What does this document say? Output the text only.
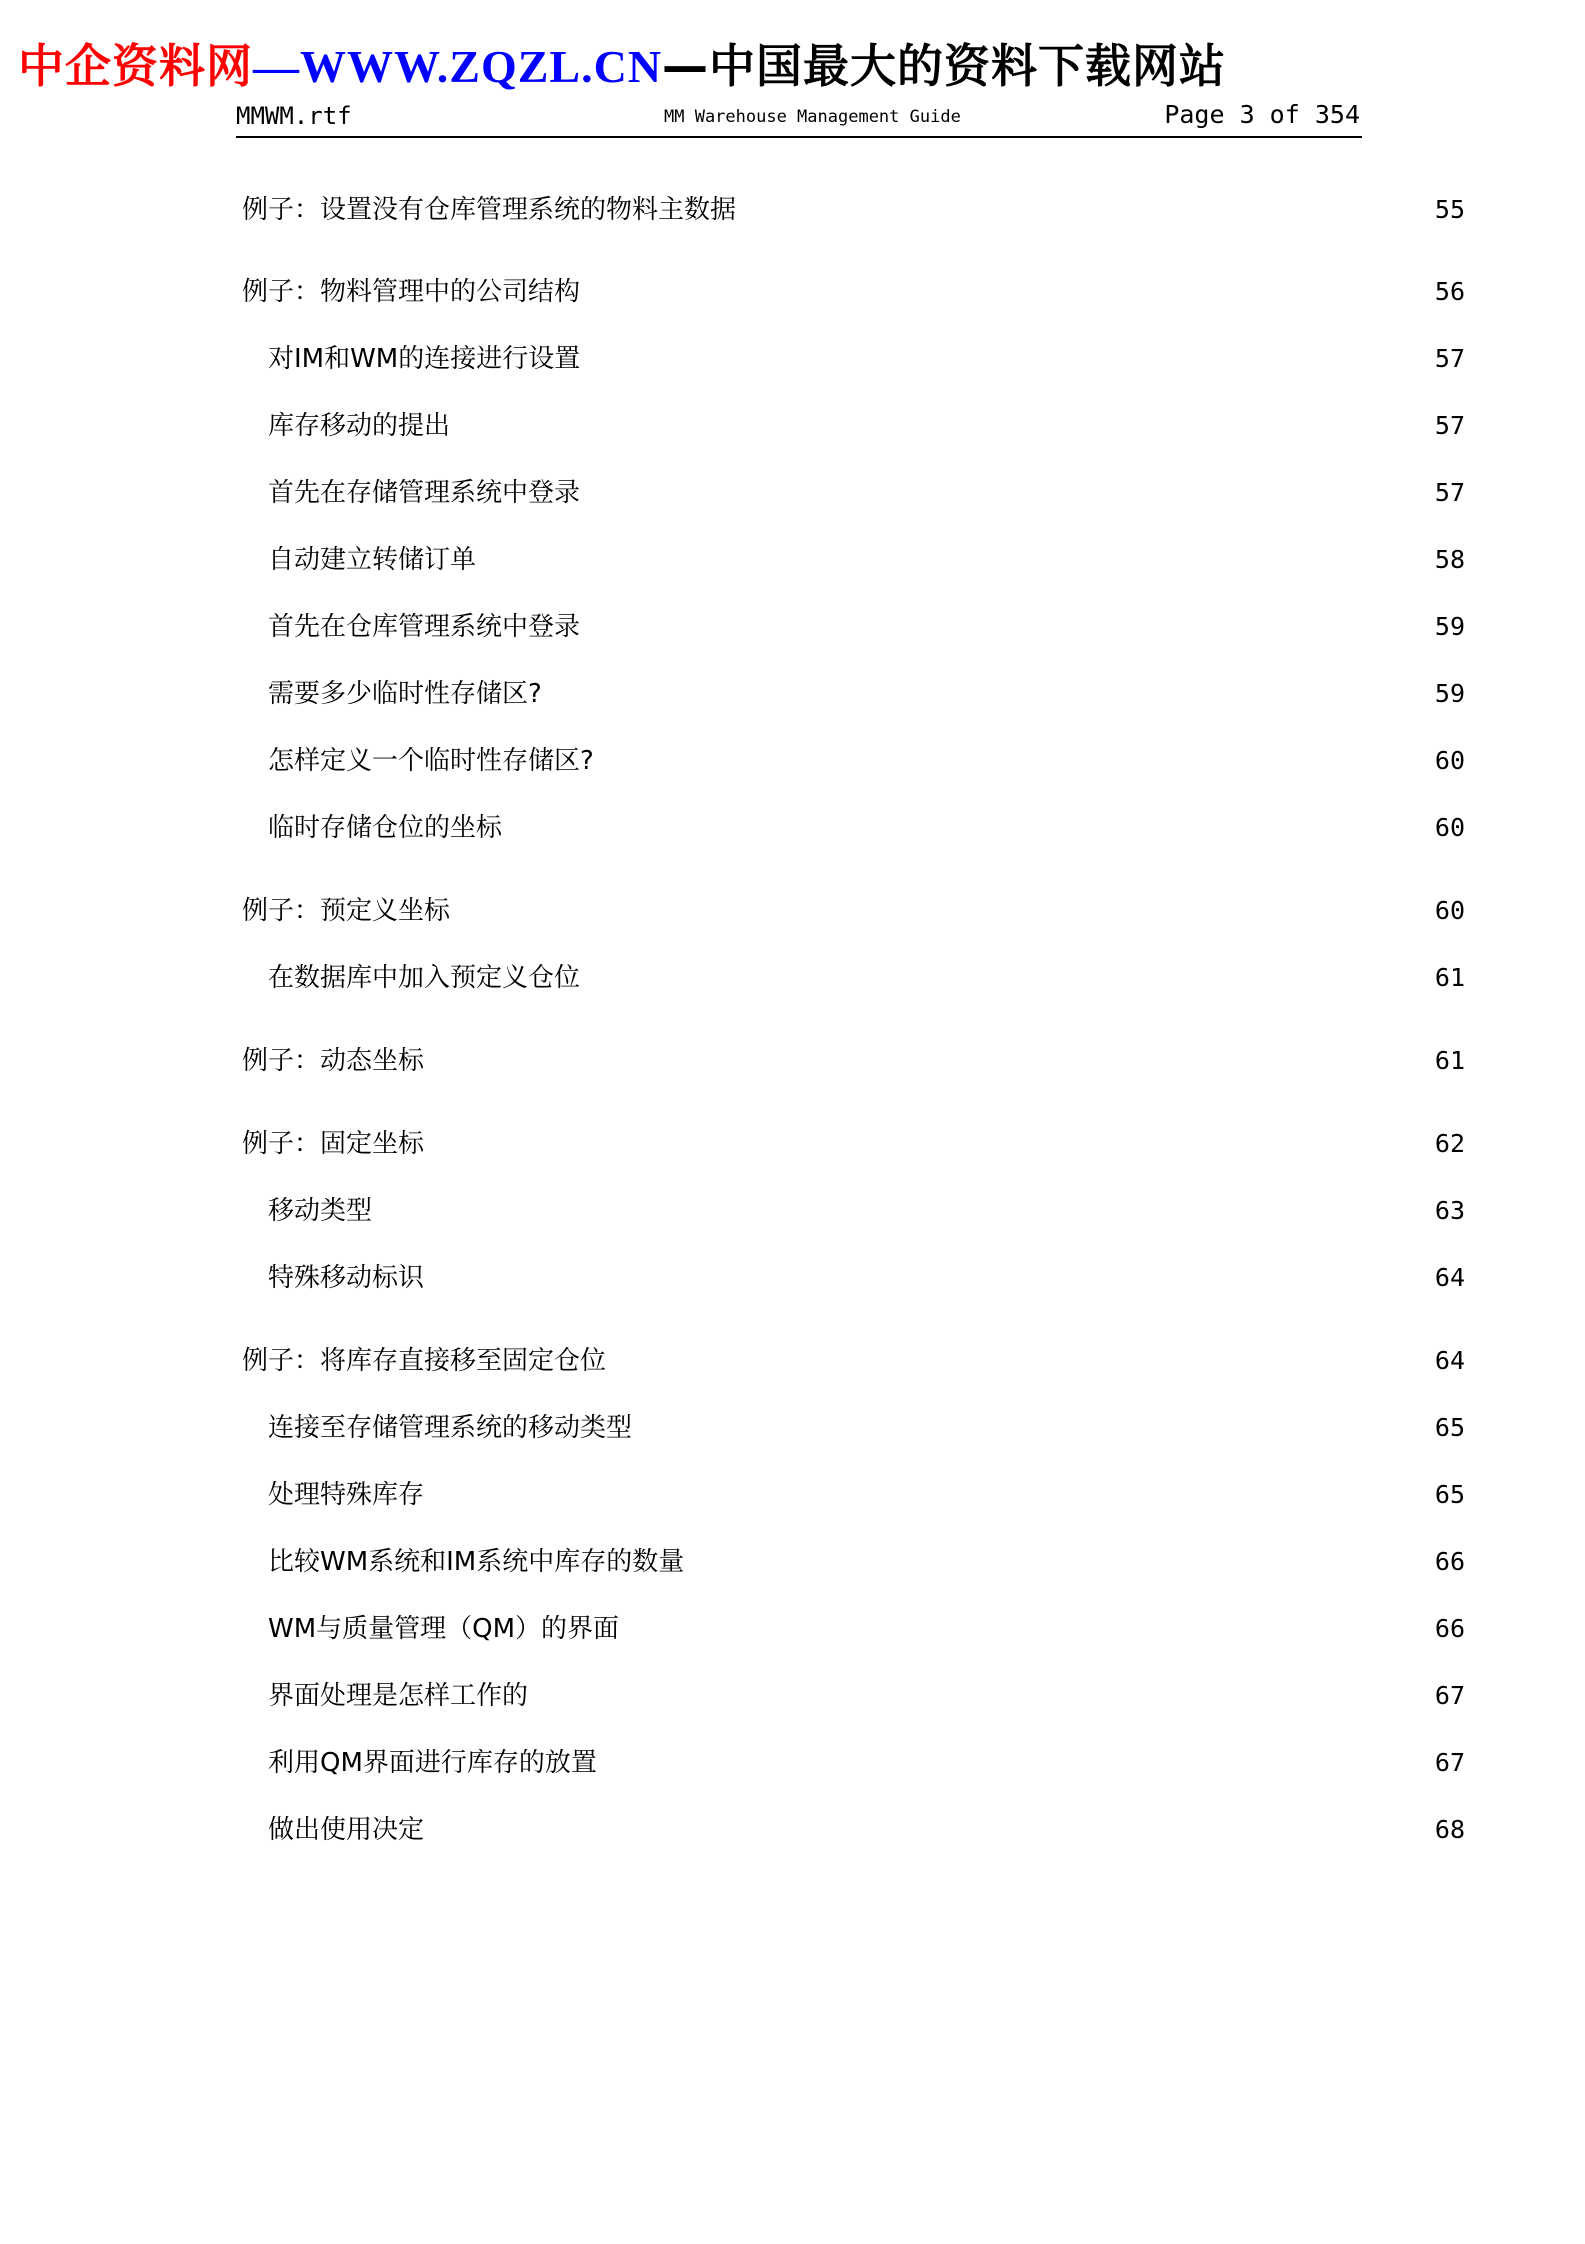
中企资料网—WWW.ZQZL.CN—中国最大的资料下载网站
MMWM.rtf	MM Warehouse Management Guide	Page 3 of 354
例子：设置没有仓库管理系统的物料主数据	55
例子：物料管理中的公司结构	56
对IM和WM的连接进行设置	57
库存移动的提出	57
首先在存储管理系统中登录	57
自动建立转储订单	58
首先在仓库管理系统中登录	59
需要多少临时性存储区?	59
怎样定义一个临时性存储区?	60
临时存储仓位的坐标	60
例子：预定义坐标	60
在数据库中加入预定义仓位	61
例子：动态坐标	61
例子：固定坐标	62
移动类型	63
特殊移动标识	64
例子：将库存直接移至固定仓位	64
连接至存储管理系统的移动类型	65
处理特殊库存	65
比较WM系统和IM系统中库存的数量	66
WM与质量管理（QM）的界面	66
界面处理是怎样工作的	67
利用QM界面进行库存的放置	67
做出使用决定	68
